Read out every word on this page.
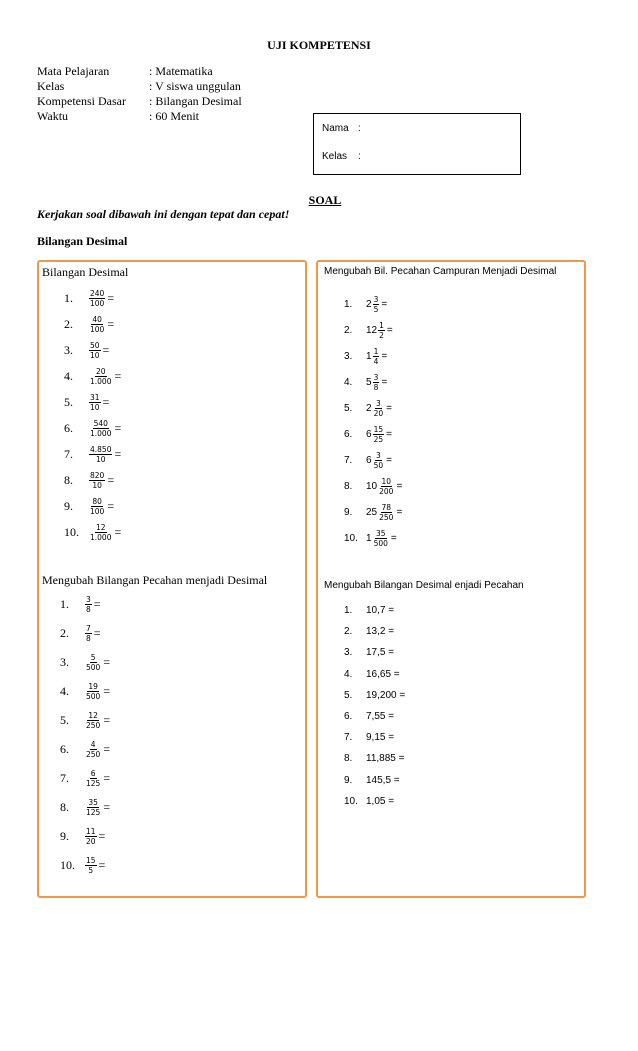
UJI KOMPETENSI
Mata Pelajaran	: Matematika
Kelas	: V siswa unggulan
Kompetensi Dasar : Bilangan Desimal
Waktu	: 60 Menit
Nama :
Kelas :
SOAL
Kerjakan soal dibawah ini dengan tepat dan cepat!
Bilangan Desimal
Bilangan Desimal
1.	$\frac{240}{100}$ =
2.	$\frac{40}{100}$ =
3.	$\frac{50}{10}$ =
4.	$\frac{20}{1.000}$ =
5.	$\frac{31}{10}$ =
6.	$\frac{540}{1.000}$ =
7.	$\frac{4.850}{10}$ =
8.	$\frac{820}{10}$ =
9.	$\frac{80}{100}$ =
10.	$\frac{12}{1.000}$ =
Mengubah Bilangan Pecahan menjadi Desimal
1.	$\frac{3}{8}$ =
2.	$\frac{7}{8}$ =
3.	$\frac{5}{500}$ =
4.	$\frac{19}{500}$ =
5.	$\frac{12}{250}$ =
6.	$\frac{4}{250}$ =
7.	$\frac{6}{125}$ =
8.	$\frac{35}{125}$ =
9.	$\frac{11}{20}$ =
10.	$\frac{15}{5}$ =
Mengubah Bil. Pecahan Campuran Menjadi Desimal
1.	$2 \frac{3}{5}$ =
2.	$12 \frac{1}{2}$ =
3.	$1 \frac{1}{4}$ =
4.	$5 \frac{3}{8}$ =
5.	$2 \frac{3}{20}$ =
6.	$6 \frac{15}{25}$ =
7.	$6 \frac{3}{50}$ =
8.	$10 \frac{10}{200}$ =
9.	$25 \frac{78}{250}$ =
10. $1 \frac{35}{500}$ =
Mengubah Bilangan Desimal enjadi Pecahan
1.	10,7 =
2.	13,2 =
3.	17,5 =
4.	16,65 =
5.	19,200 =
6.	7,55 =
7.	9,15 =
8.	11,885 =
9.	145,5 =
10. 1,05 =
